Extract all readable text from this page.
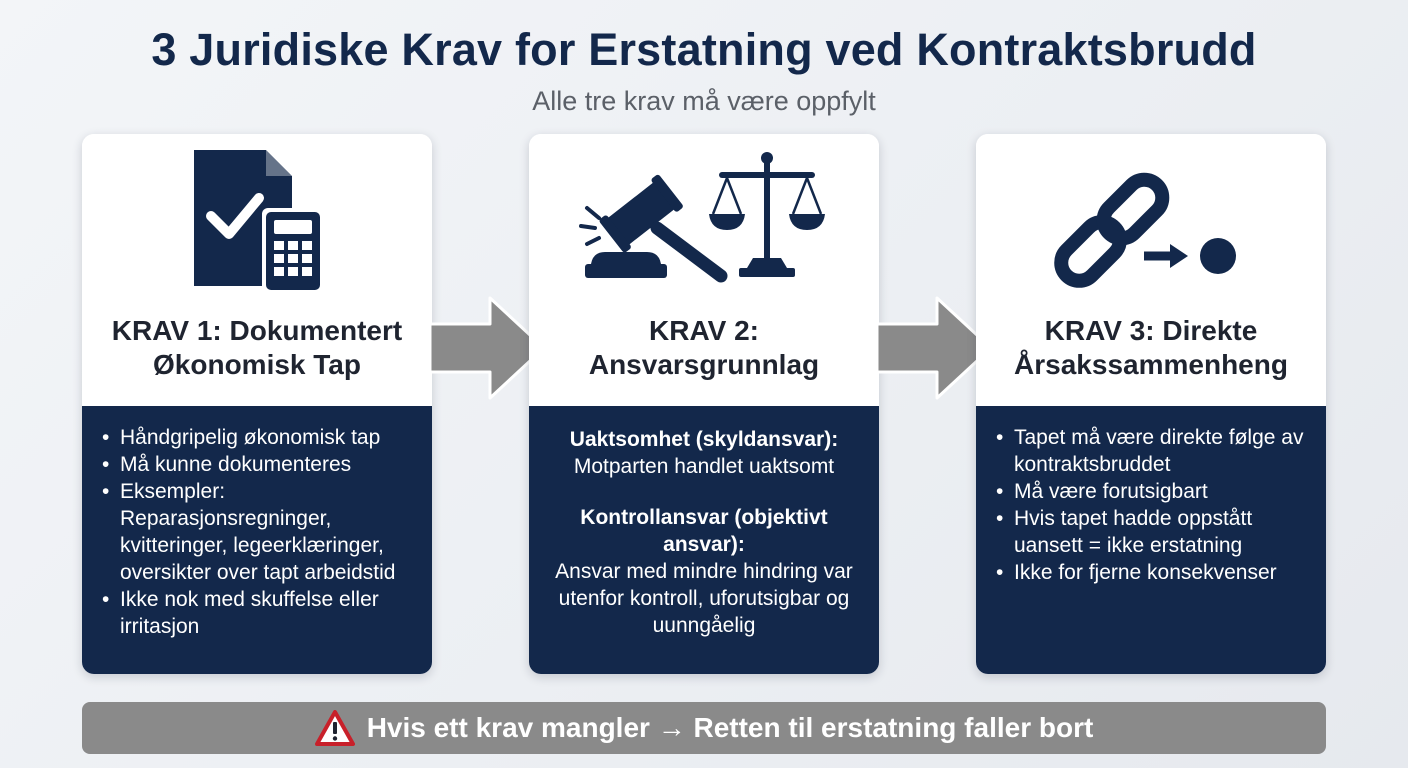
3 Juridiske Krav for Erstatning ved Kontraktsbrudd
Alle tre krav må være oppfylt
KRAV 1: Dokumentert
Økonomisk Tap
• Håndgripelig økonomisk tap
• Må kunne dokumenteres
• Eksempler: Reparasjonsregninger, kvitteringer, legeerklæringer, oversikter over tapt arbeidstid
• Ikke nok med skuffelse eller irritasjon
KRAV 2:
Ansvarsgrunnlag
Uaktsomhet (skyldansvar):
Motparten handlet uaktsomt
Kontrollansvar (objektivt ansvar):
Ansvar med mindre hindring var utenfor kontroll, uforutsigbar og uunngåelig
KRAV 3: Direkte
Årsakssammenheng
• Tapet må være direkte følge av kontraktsbruddet
• Må være forutsigbart
• Hvis tapet hadde oppstått uansett = ikke erstatning
• Ikke for fjerne konsekvenser
Hvis ett krav mangler → Retten til erstatning faller bort
